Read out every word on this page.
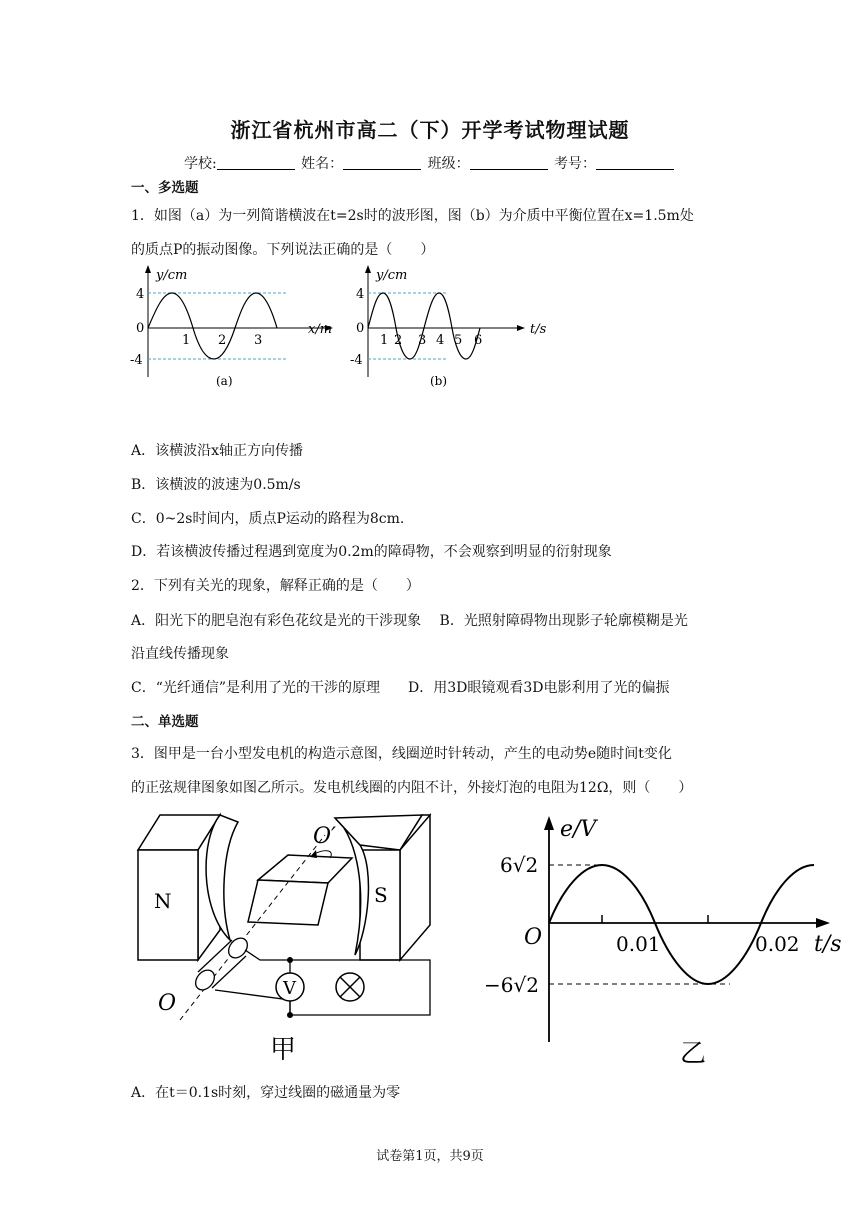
浙江省杭州市高二（下）开学考试物理试题
学校:	姓名：	班级：	考号：
一、多选题
1．如图（a）为一列简谐横波在t=2s时的波形图，图（b）为介质中平衡位置在x=1.5m处
的质点P的振动图像。下列说法正确的是（　　）
y/cm
4
0
-4
1 2 3
x/m
(a)
y/cm
4
0
-4
1 2 3 4 5 6
t/s
(b)
A．该横波沿x轴正方向传播
B．该横波的波速为0.5m/s
C．0~2s时间内，质点P运动的路程为8cm.
D．若该横波传播过程遇到宽度为0.2m的障碍物，不会观察到明显的衍射现象
2．下列有关光的现象，解释正确的是（　　）
A．阳光下的肥皂泡有彩色花纹是光的干涉现象　 B．光照射障碍物出现影子轮廓模糊是光
沿直线传播现象
C．“光纤通信”是利用了光的干涉的原理　　D．用3D眼镜观看3D电影利用了光的偏振
二、单选题
3．图甲是一台小型发电机的构造示意图，线圈逆时针转动，产生的电动势e随时间t变化
的正弦规律图象如图乙所示。发电机线圈的内阻不计，外接灯泡的电阻为12Ω，则（　　）
N	S
O′
O
V
甲
e/V
6√2
−6√2
O	0.01	0.02 t/s
乙
A．在t＝0.1s时刻，穿过线圈的磁通量为零
试卷第1页，共9页
